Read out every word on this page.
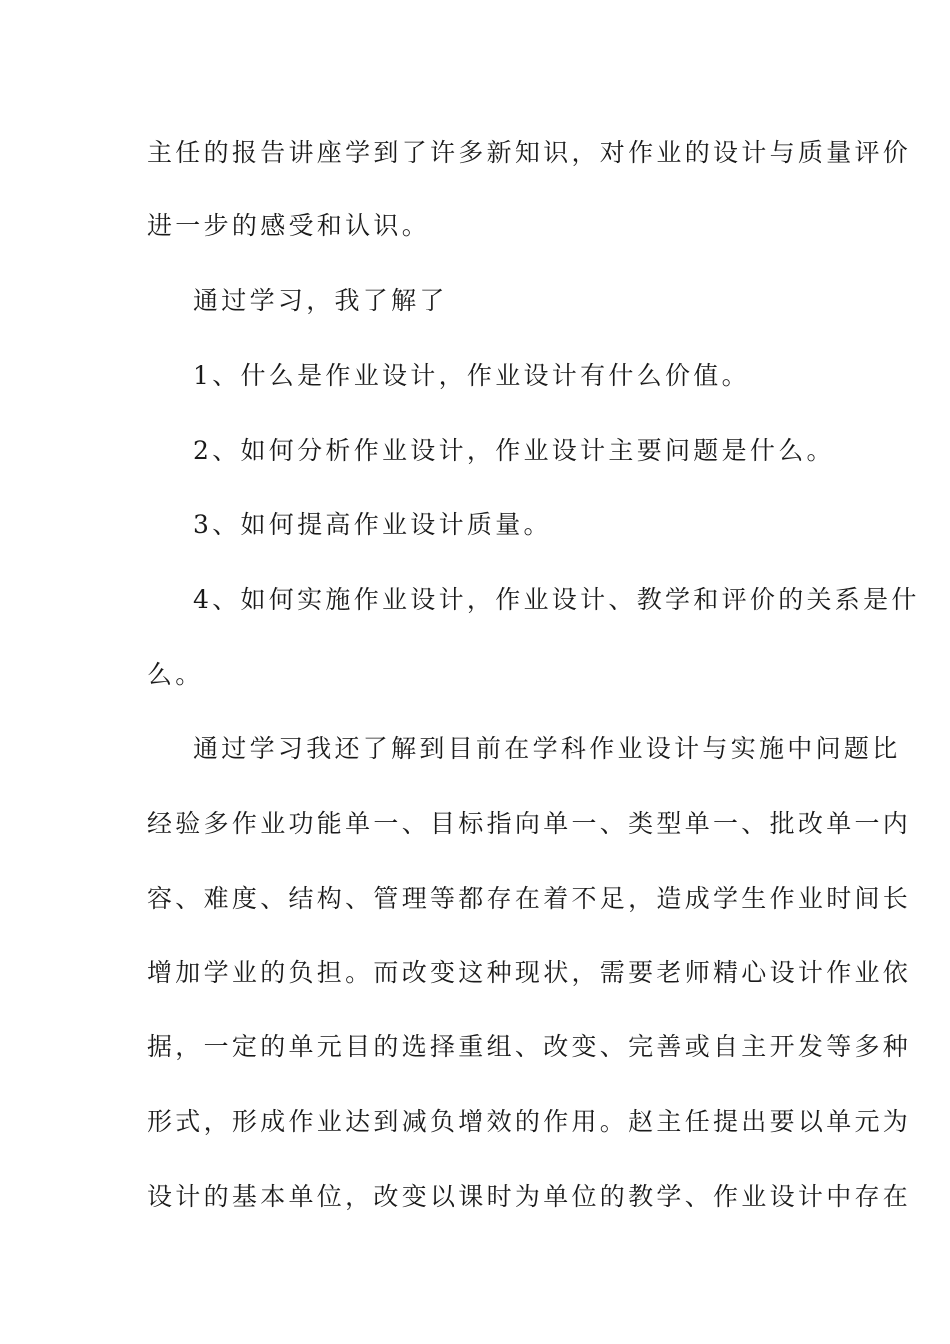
主任的报告讲座学到了许多新知识，对作业的设计与质量评价
进一步的感受和认识。
通过学习，我了解了
1、什么是作业设计，作业设计有什么价值。
2、如何分析作业设计，作业设计主要问题是什么。
3、如何提高作业设计质量。
4、如何实施作业设计，作业设计、教学和评价的关系是什
么。
通过学习我还了解到目前在学科作业设计与实施中问题比
经验多作业功能单一、目标指向单一、类型单一、批改单一内
容、难度、结构、管理等都存在着不足，造成学生作业时间长
增加学业的负担。而改变这种现状，需要老师精心设计作业依
据，一定的单元目的选择重组、改变、完善或自主开发等多种
形式，形成作业达到减负增效的作用。赵主任提出要以单元为
设计的基本单位，改变以课时为单位的教学、作业设计中存在
